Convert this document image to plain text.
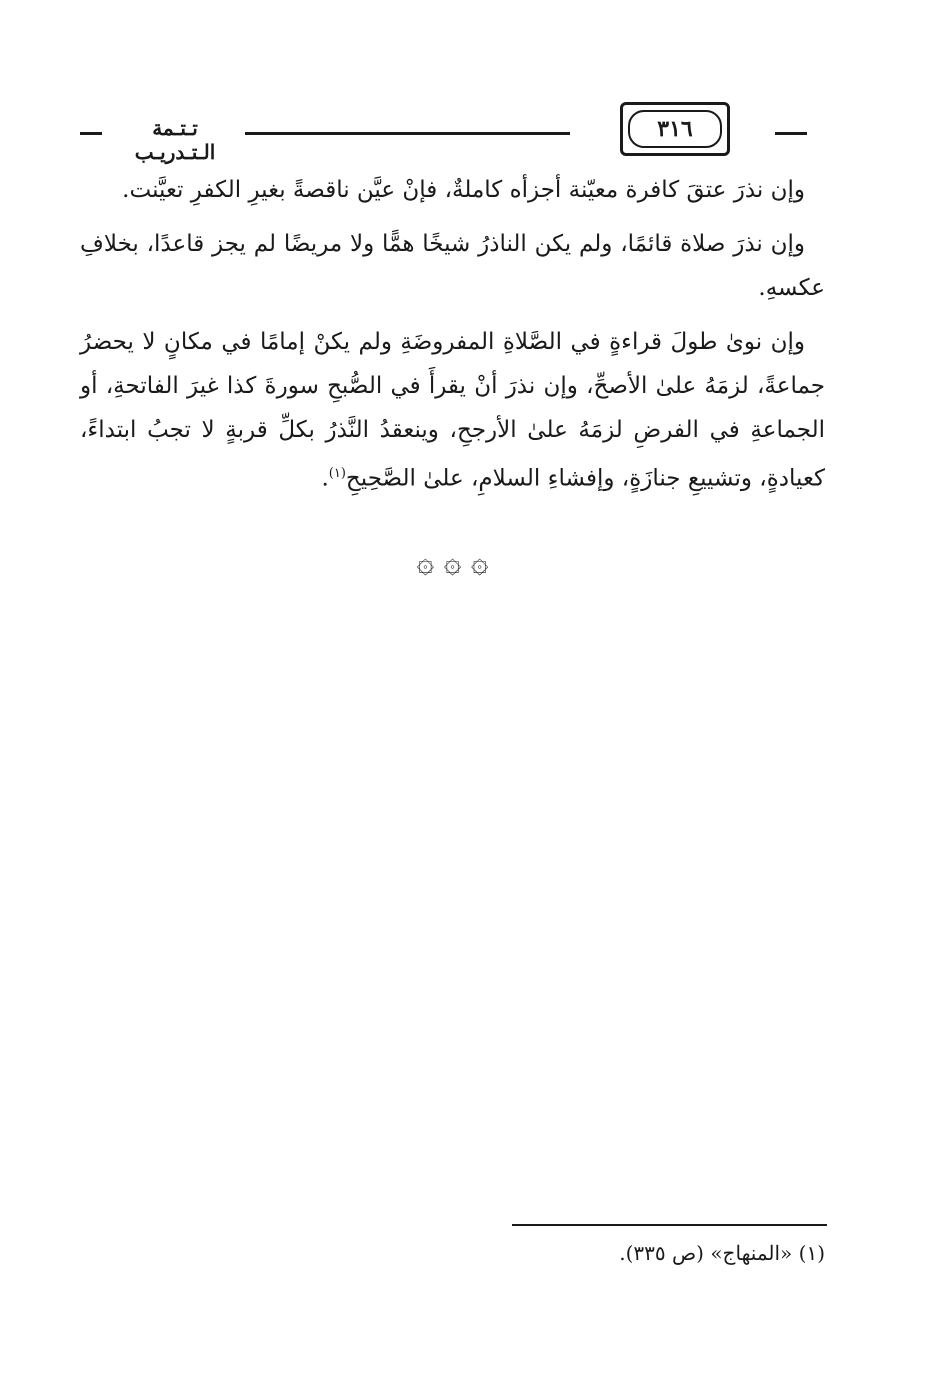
٣١٦
تـتـمة الـتـدريـب

وإن نذرَ عتقَ كافرة معيّنة أجزأه كاملةٌ، فإنْ عيَّن ناقصةً بغيرِ الكفرِ تعيَّنت.

وإن نذرَ صلاة قائمًا، ولم يكن الناذرُ شيخًا همًّا ولا مريضًا لم يجز قاعدًا، بخلافِ عكسهِ.

وإن نوىٰ طولَ قراءةٍ في الصَّلاةِ المفروضَةِ ولم يكنْ إمامًا في مكانٍ لا يحضرُ جماعةً، لزمَهُ علىٰ الأصحِّ، وإن نذرَ أنْ يقرأَ في الصُّبحِ سورةَ كذا غيرَ الفاتحةِ، أو الجماعةِ في الفرضِ لزمَهُ علىٰ الأرجحِ، وينعقدُ النَّذرُ بكلِّ قربةٍ لا تجبُ ابتداءً، كعيادةٍ، وتشييعِ جنازَةٍ، وإفشاءِ السلامِ، علىٰ الصَّحِيحِ$^{(١)}$.

۞ ۞ ۞
(١) «المنهاج» (ص ٣٣٥).
